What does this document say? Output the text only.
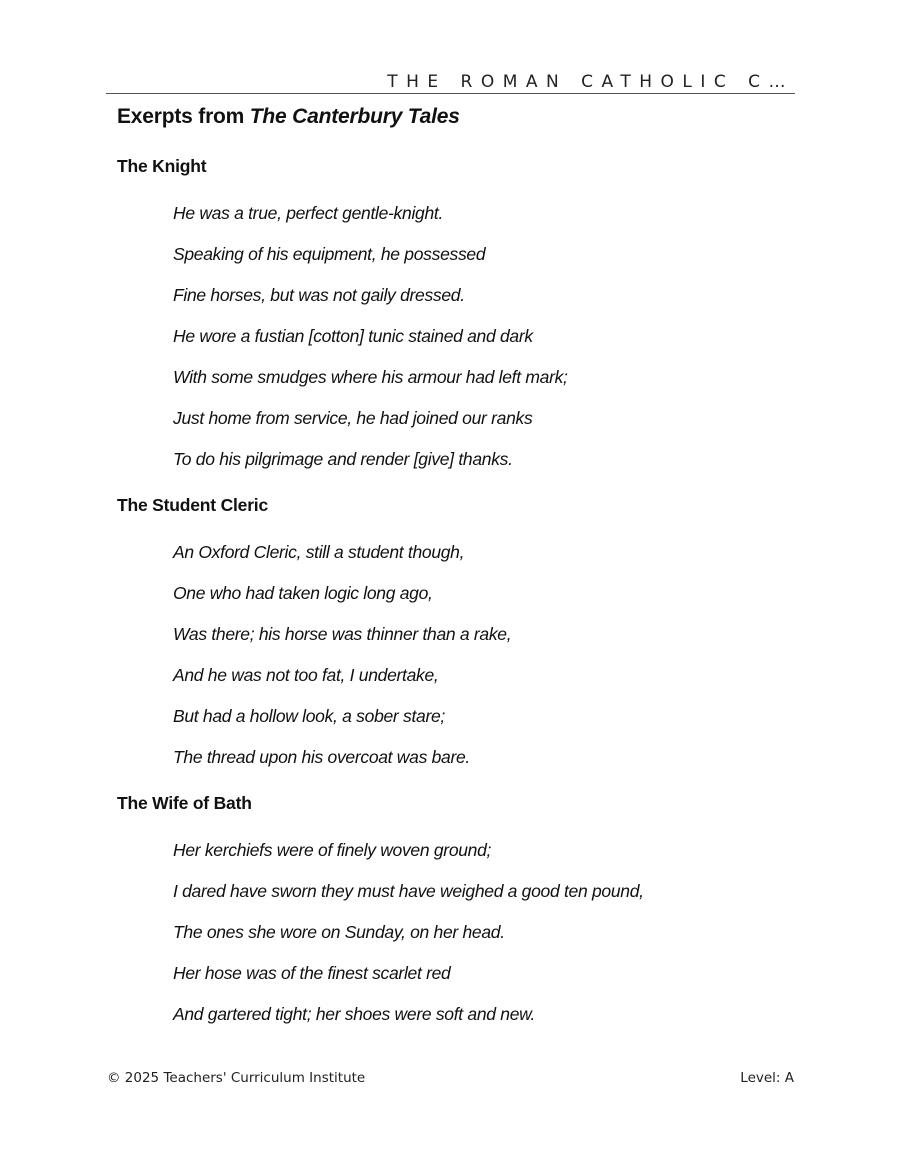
THE ROMAN CATHOLIC C…
Exerpts from The Canterbury Tales
The Knight

He was a true, perfect gentle-knight.

Speaking of his equipment, he possessed

Fine horses, but was not gaily dressed.

He wore a fustian [cotton] tunic stained and dark

With some smudges where his armour had left mark;

Just home from service, he had joined our ranks

To do his pilgrimage and render [give] thanks.

The Student Cleric

An Oxford Cleric, still a student though,

One who had taken logic long ago,

Was there; his horse was thinner than a rake,

And he was not too fat, I undertake,

But had a hollow look, a sober stare;

The thread upon his overcoat was bare.

The Wife of Bath

Her kerchiefs were of finely woven ground;

I dared have sworn they must have weighed a good ten pound,

The ones she wore on Sunday, on her head.

Her hose was of the finest scarlet red

And gartered tight; her shoes were soft and new.

© 2025 Teachers' Curriculum Institute	Level: A
